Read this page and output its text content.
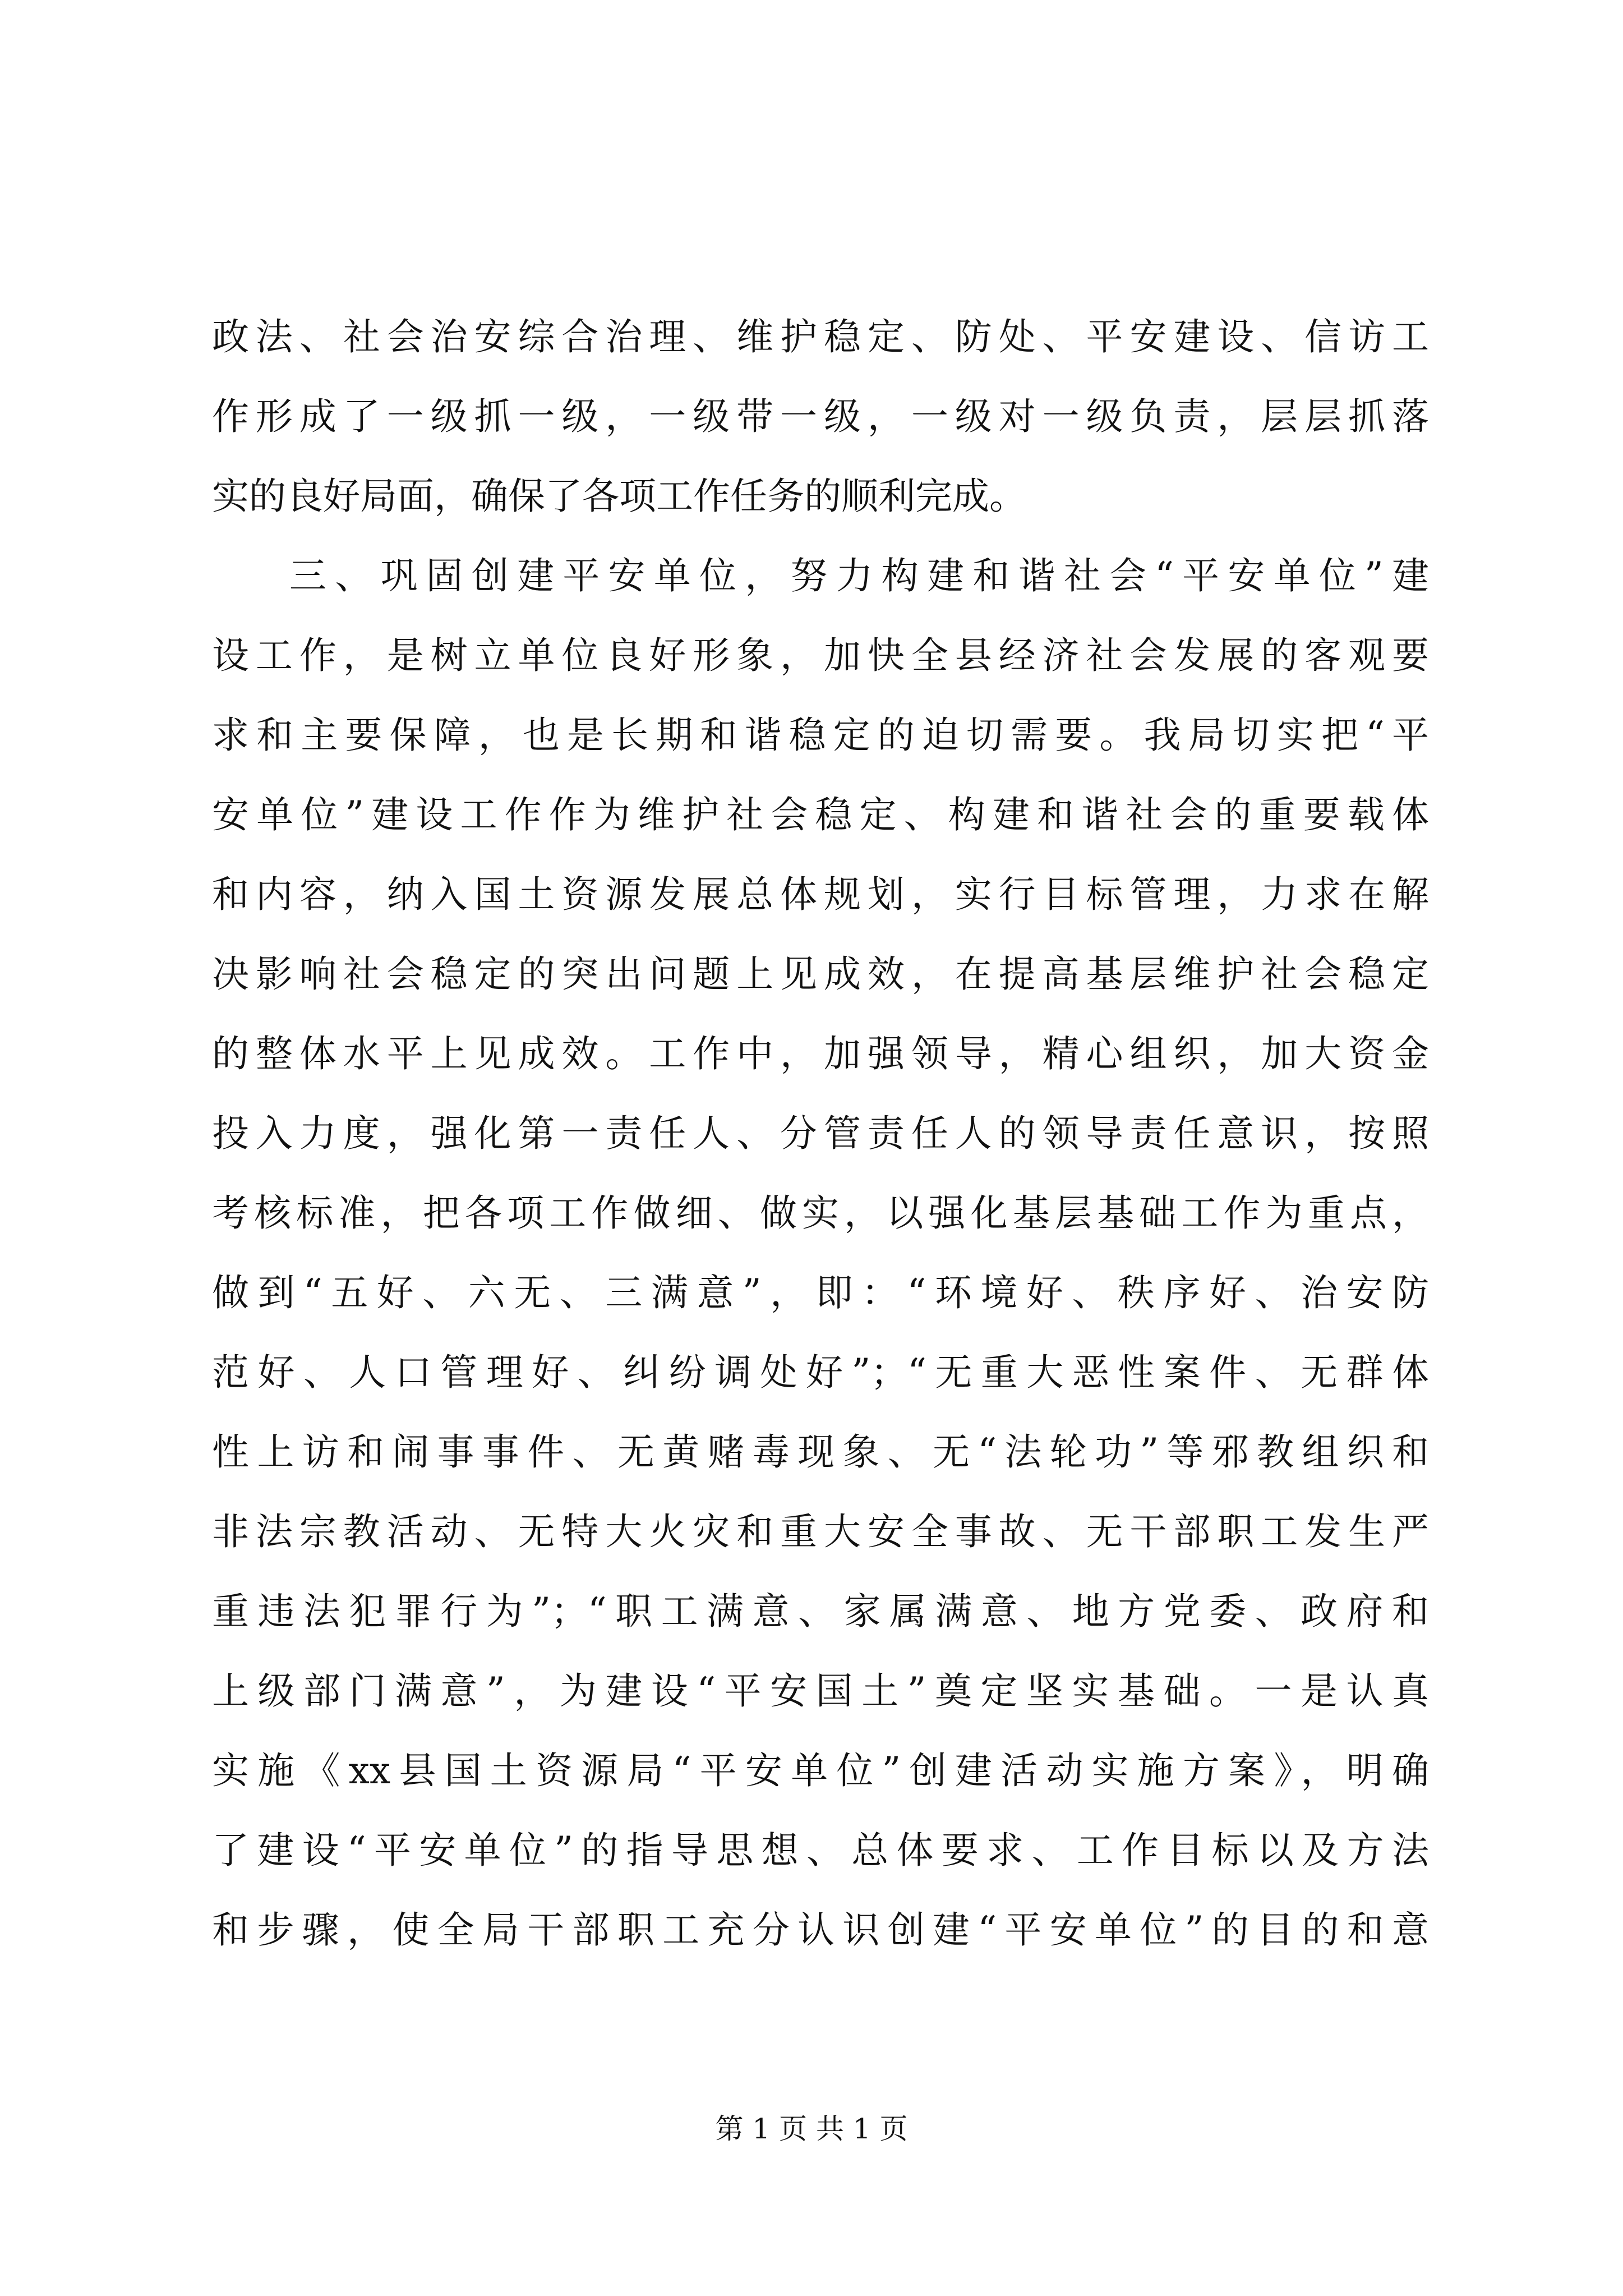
政法、社会治安综合治理、维护稳定、防处、平安建设、信访工
作形成了一级抓一级，一级带一级，一级对一级负责，层层抓落
实的良好局面，确保了各项工作任务的顺利完成。
三、巩固创建平安单位，努力构建和谐社会“平安单位”建
设工作，是树立单位良好形象，加快全县经济社会发展的客观要
求和主要保障，也是长期和谐稳定的迫切需要。我局切实把“平
安单位”建设工作作为维护社会稳定、构建和谐社会的重要载体
和内容，纳入国土资源发展总体规划，实行目标管理，力求在解
决影响社会稳定的突出问题上见成效，在提高基层维护社会稳定
的整体水平上见成效。工作中，加强领导，精心组织，加大资金
投入力度，强化第一责任人、分管责任人的领导责任意识，按照
考核标准，把各项工作做细、做实，以强化基层基础工作为重点，
做到“五好、六无、三满意”，即：“环境好、秩序好、治安防
范好、人口管理好、纠纷调处好”；“无重大恶性案件、无群体
性上访和闹事事件、无黄赌毒现象、无“法轮功”等邪教组织和
非法宗教活动、无特大火灾和重大安全事故、无干部职工发生严
重违法犯罪行为”；“职工满意、家属满意、地方党委、政府和
上级部门满意”，为建设“平安国土”奠定坚实基础。一是认真
实施《xx县国土资源局“平安单位”创建活动实施方案》，明确
了建设“平安单位”的指导思想、总体要求、工作目标以及方法
和步骤，使全局干部职工充分认识创建“平安单位”的目的和意
第 1 页 共 1 页
